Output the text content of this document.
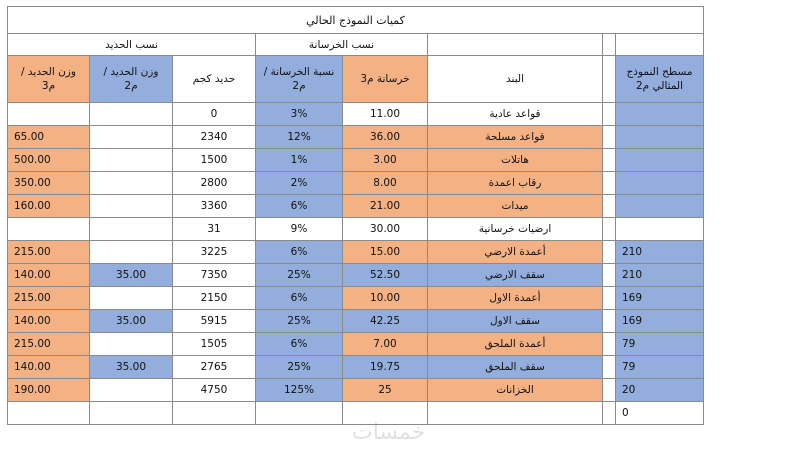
كميات النموذج الحالي							
			نسب الخرسانة		نسب الحديد		
مسطح النموذج المثالي م2		البند	خرسانة م3	نسبة الخرسانة / م2	حديد كجم	وزن الحديد / م2	وزن الحديد / م3
		قواعد عادية	11.00	3%	0		
		قواعد مسلحة	36.00	12%	2340		65.00
		هاتلات	3.00	1%	1500		500.00
		رقاب اعمدة	8.00	2%	2800		350.00
		ميدات	21.00	6%	3360		160.00
		ارضيات خرسانية	30.00	9%	31		
210		أعمدة الارضي	15.00	6%	3225		215.00
210		سقف الارضي	52.50	25%	7350	35.00	140.00
169		أعمدة الاول	10.00	6%	2150		215.00
169		سقف الاول	42.25	25%	5915	35.00	140.00
79		أعمدة الملحق	7.00	6%	1505		215.00
79		سقف الملحق	19.75	25%	2765	35.00	140.00
20		الخزانات	25	125%	4750		190.00
0							
خمسات
